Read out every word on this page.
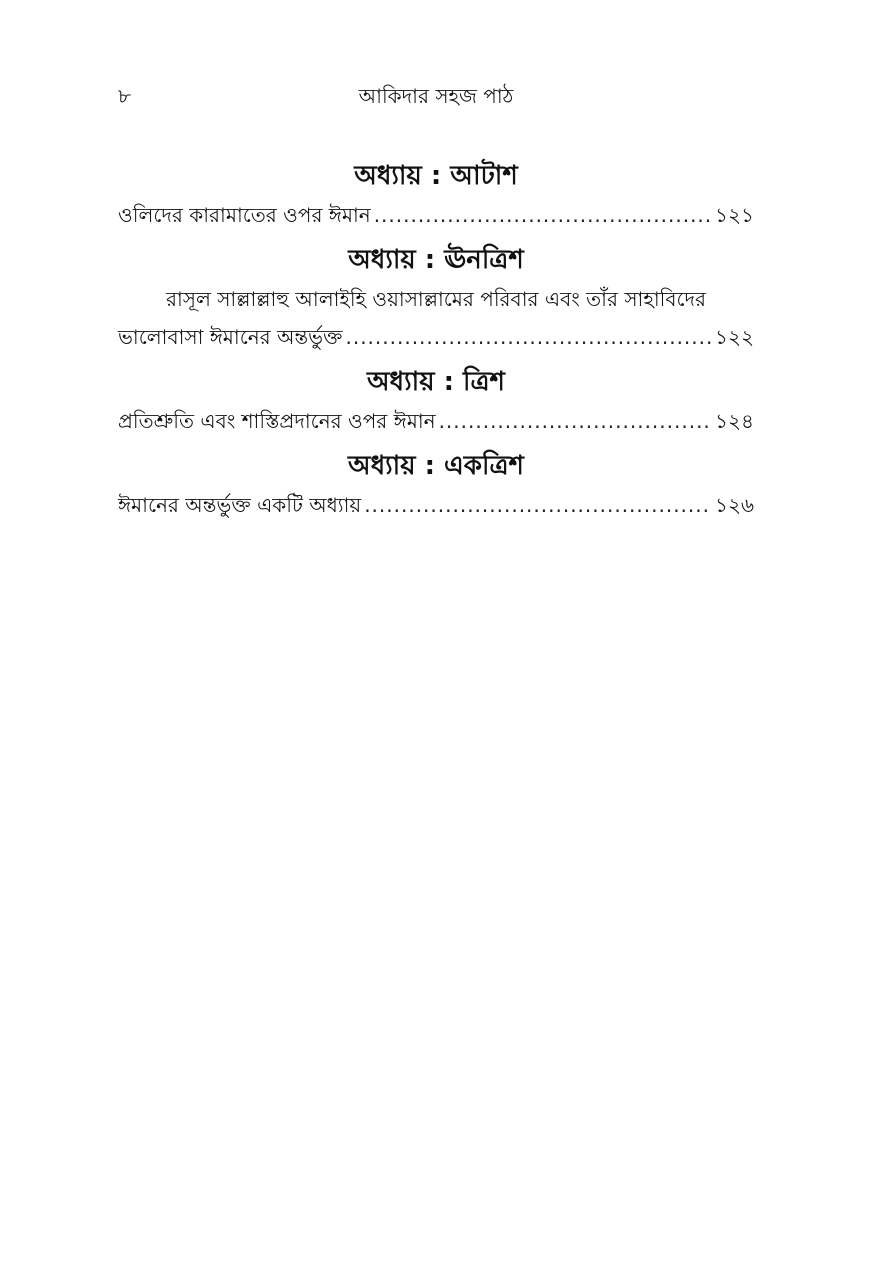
৮	আকিদার সহজ পাঠ
অধ্যায় : আটাশ
ওলিদের কারামাতের ওপর ঈমান .....	১২১
অধ্যায় : ঊনত্রিশ
রাসূল সাল্লাল্লাহু আলাইহি ওয়াসাল্লামের পরিবার এবং তাঁর সাহাবিদের
ভালোবাসা ঈমানের অন্তর্ভুক্ত .....	১২২
অধ্যায় : ত্রিশ
প্রতিশ্রুতি এবং শাস্তিপ্রদানের ওপর ঈমান .....	১২৪
অধ্যায় : একত্রিশ
ঈমানের অন্তর্ভুক্ত একটি অধ্যায় .....	১২৬
